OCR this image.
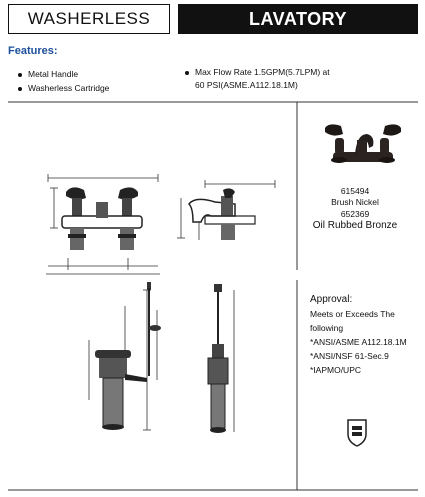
WASHERLESS	LAVATORY
Features:
Metal Handle
Washerless Cartridge
Max Flow Rate 1.5GPM(5.7LPM) at
60 PSI(ASME.A112.18.1M)
615494
Brush Nickel
652369
Oil Rubbed Bronze
Approval:
Meets or Exceeds The
following
*ANSI/ASME A112.18.1M
*ANSI/NSF 61-Sec.9
*IAPMO/UPC
